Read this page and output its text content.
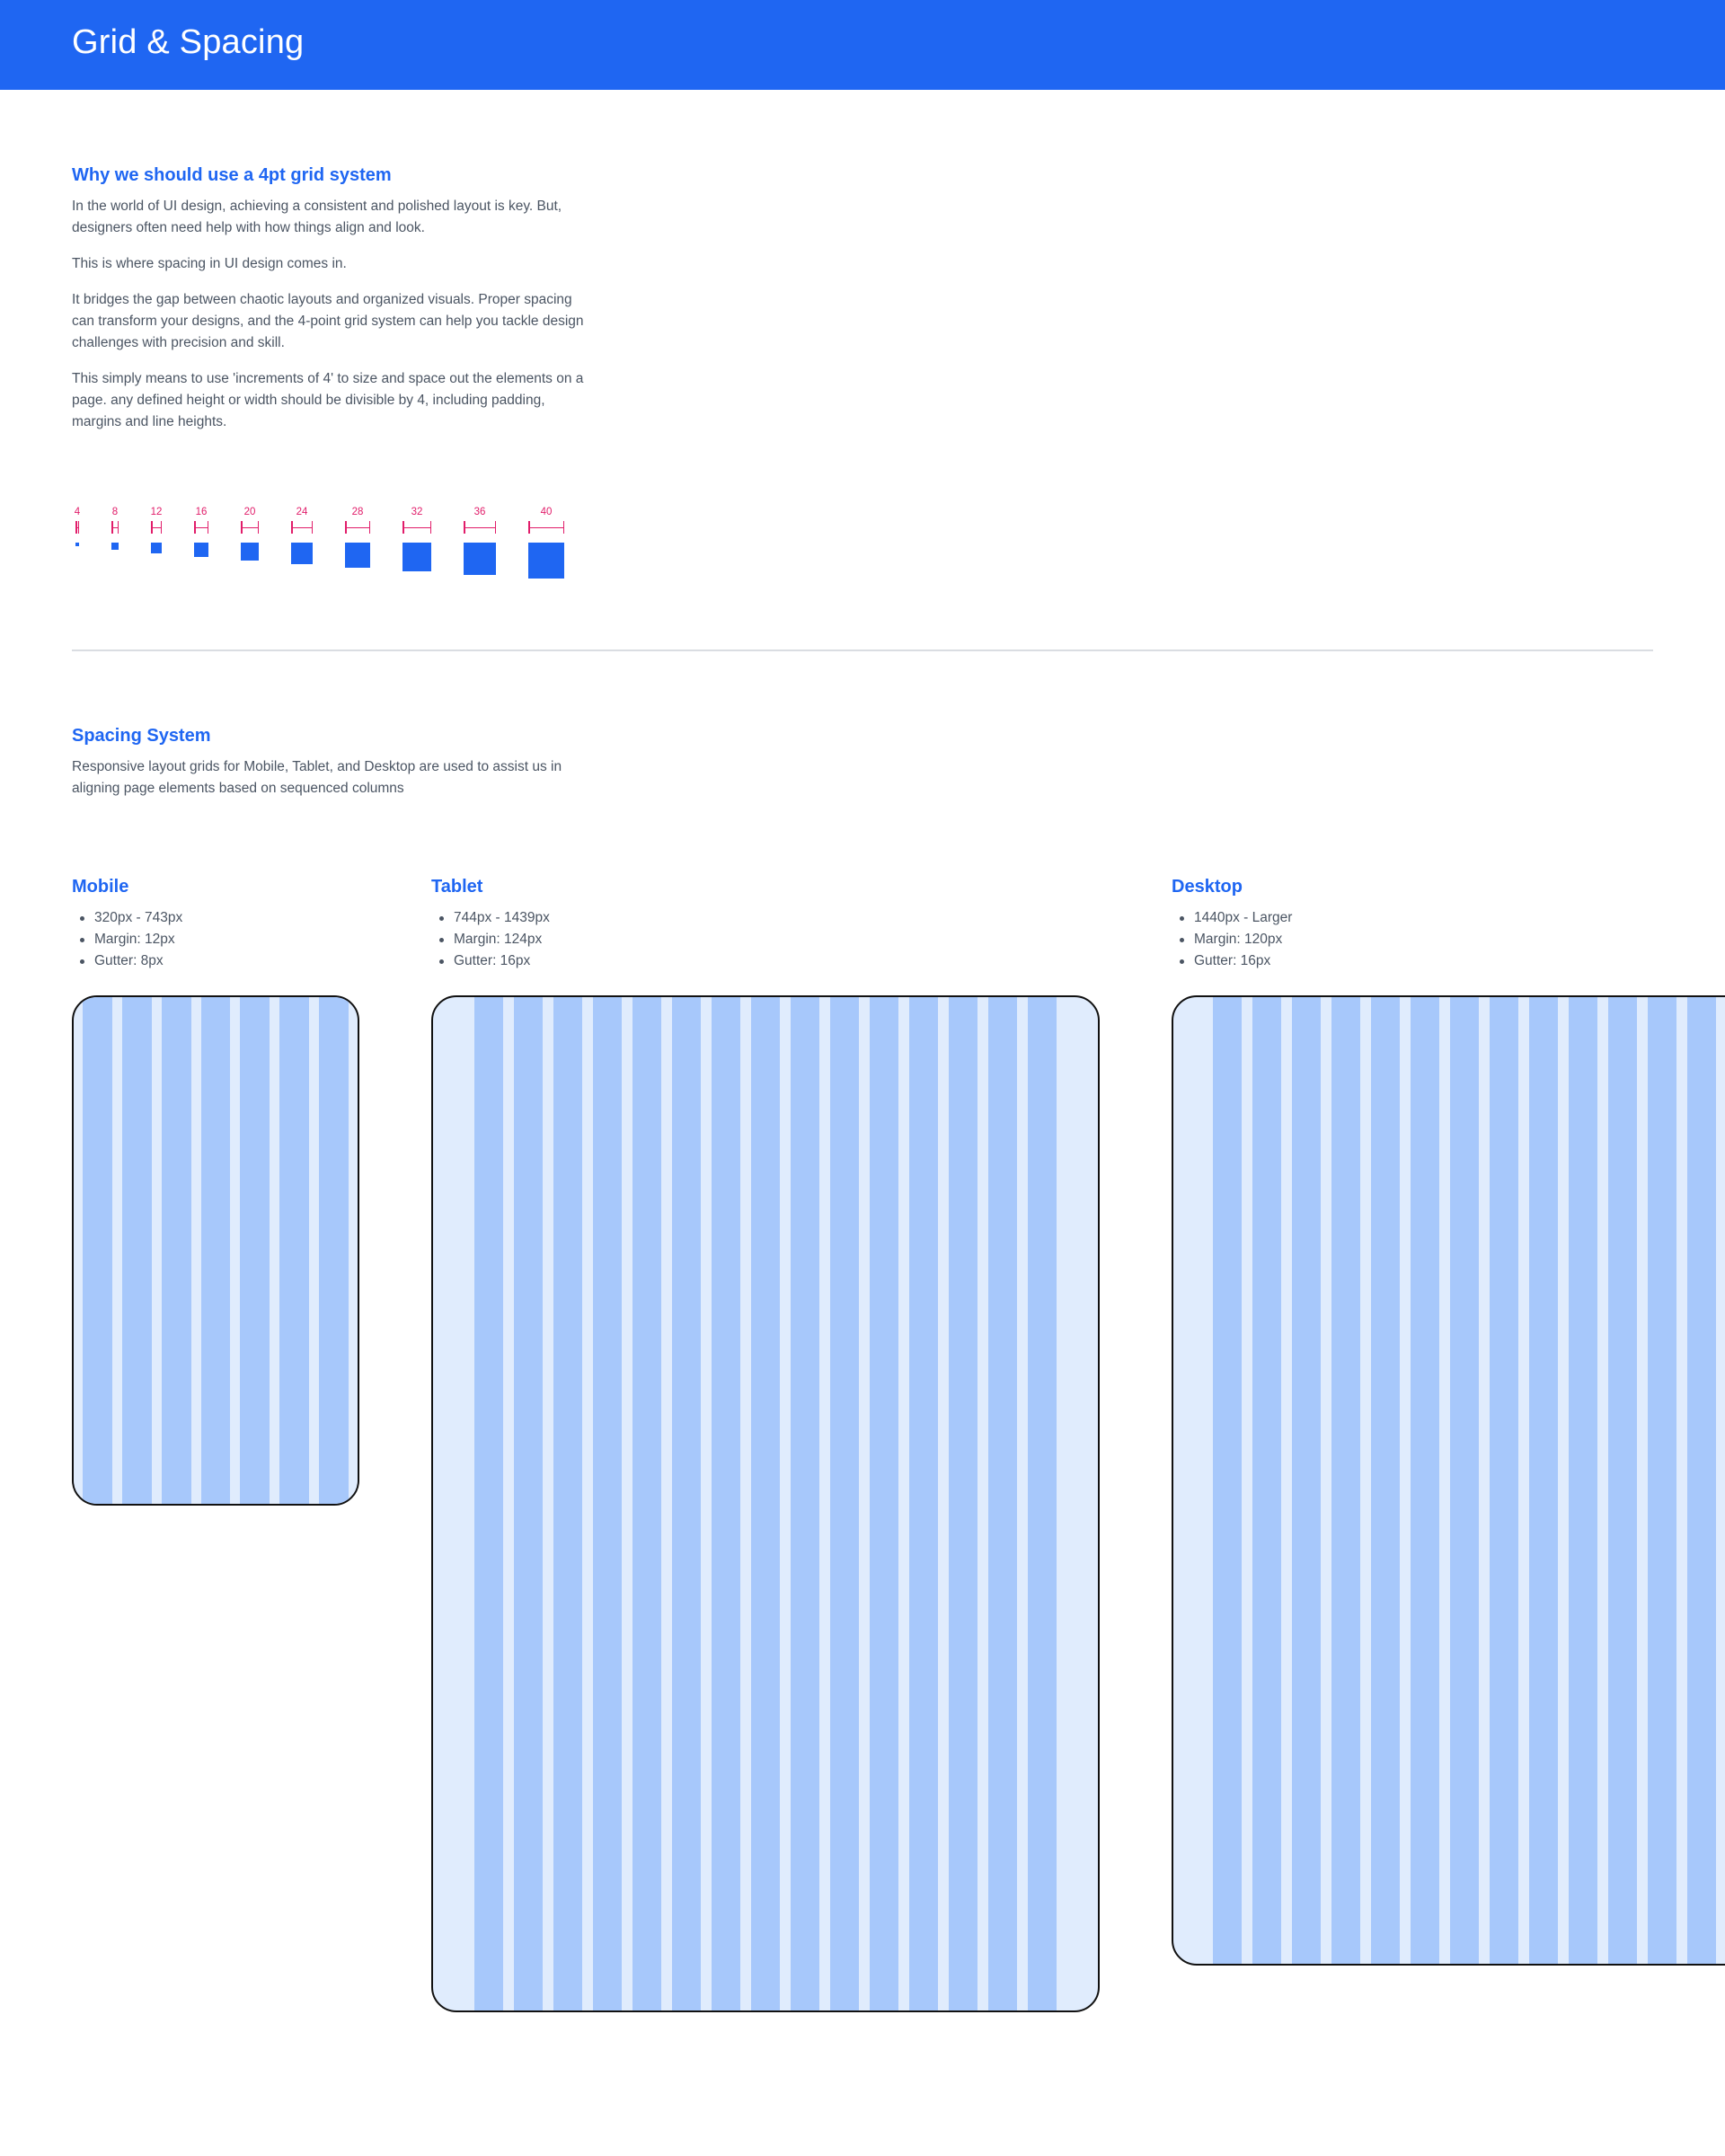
Grid & Spacing
Why we should use a 4pt grid system

In the world of UI design, achieving a consistent and polished layout is key. But, designers often need help with how things align and look.

This is where spacing in UI design comes in.

It bridges the gap between chaotic layouts and organized visuals. Proper spacing can transform your designs, and the 4-point grid system can help you tackle design challenges with precision and skill.

This simply means to use 'increments of 4' to size and space out the elements on a page. any defined height or width should be divisible by 4, including padding, margins and line heights.

4	8	12	16	20	24	28	32	36	40
Spacing System

Responsive layout grids for Mobile, Tablet, and Desktop are used to assist us in aligning page elements based on sequenced columns

Mobile
320px - 743px
Margin: 12px
Gutter: 8px
Tablet
744px - 1439px
Margin: 124px
Gutter: 16px
Desktop
1440px - Larger
Margin: 120px
Gutter: 16px
